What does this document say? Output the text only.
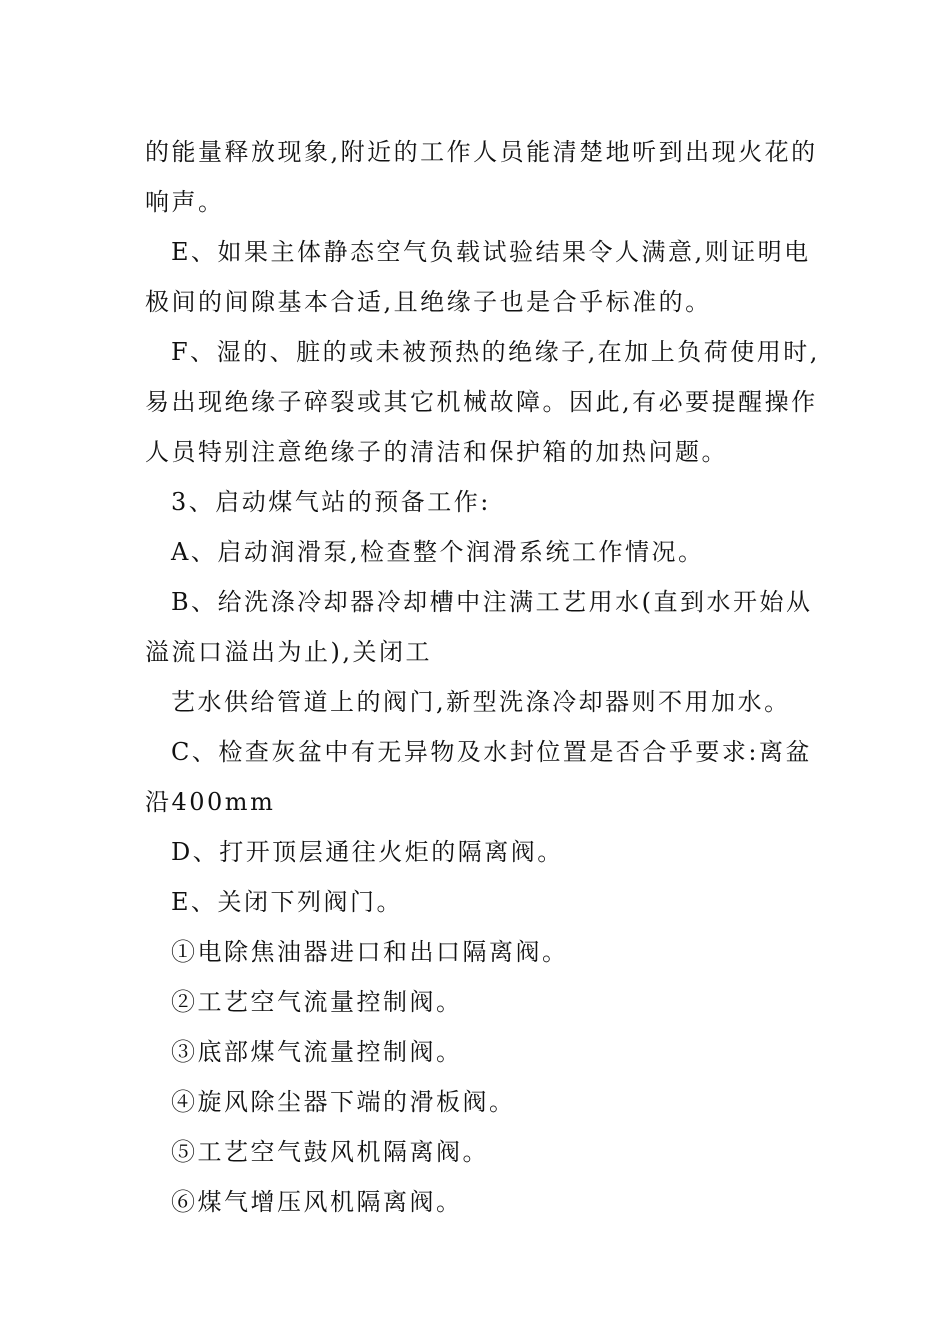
的能量释放现象,附近的工作人员能清楚地听到出现火花的
响声。
E、如果主体静态空气负载试验结果令人满意,则证明电
极间的间隙基本合适,且绝缘子也是合乎标准的。
F、湿的、脏的或未被预热的绝缘子,在加上负荷使用时,
易出现绝缘子碎裂或其它机械故障。因此,有必要提醒操作
人员特别注意绝缘子的清洁和保护箱的加热问题。
3、启动煤气站的预备工作:
A、启动润滑泵,检查整个润滑系统工作情况。
B、给洗涤冷却器冷却槽中注满工艺用水(直到水开始从
溢流口溢出为止),关闭工
艺水供给管道上的阀门,新型洗涤冷却器则不用加水。
C、检查灰盆中有无异物及水封位置是否合乎要求:离盆
沿400mm
D、打开顶层通往火炬的隔离阀。
E、关闭下列阀门。
①电除焦油器进口和出口隔离阀。
②工艺空气流量控制阀。
③底部煤气流量控制阀。
④旋风除尘器下端的滑板阀。
⑤工艺空气鼓风机隔离阀。
⑥煤气增压风机隔离阀。
